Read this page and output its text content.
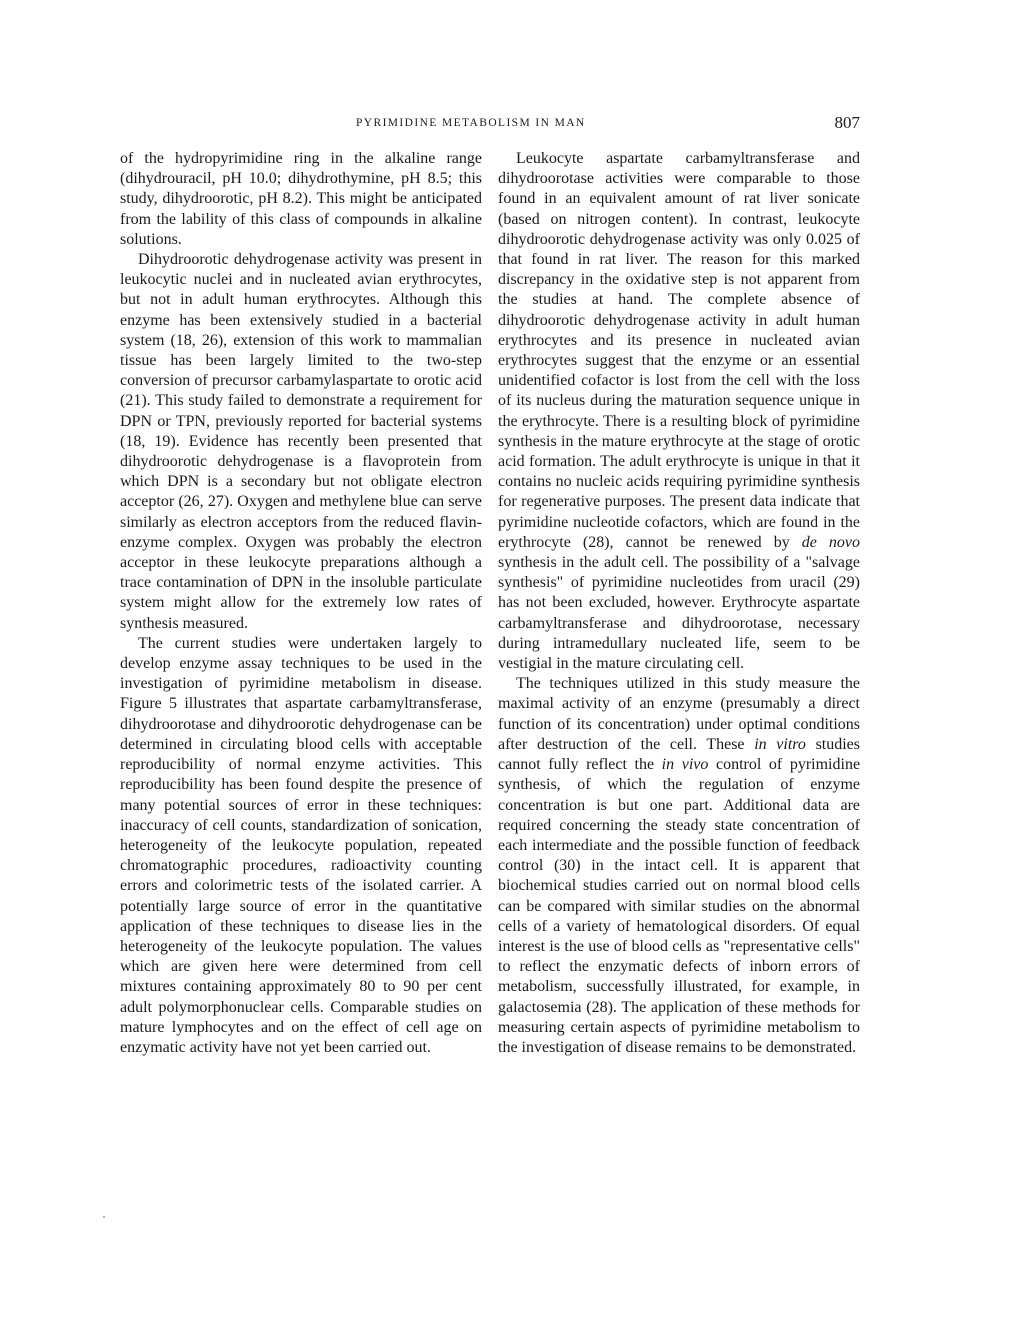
PYRIMIDINE METABOLISM IN MAN	807

of the hydropyrimidine ring in the alkaline range (dihydrouracil, pH 10.0; dihydrothymine, pH 8.5; this study, dihydroorotic, pH 8.2). This might be anticipated from the lability of this class of compounds in alkaline solutions.

Dihydroorotic dehydrogenase activity was present in leukocytic nuclei and in nucleated avian erythrocytes, but not in adult human erythrocytes. Although this enzyme has been extensively studied in a bacterial system (18, 26), extension of this work to mammalian tissue has been largely limited to the two-step conversion of precursor carbamylaspartate to orotic acid (21). This study failed to demonstrate a requirement for DPN or TPN, previously reported for bacterial systems (18, 19). Evidence has recently been presented that dihydroorotic dehydrogenase is a flavoprotein from which DPN is a secondary but not obligate electron acceptor (26, 27). Oxygen and methylene blue can serve similarly as electron acceptors from the reduced flavin-enzyme complex. Oxygen was probably the electron acceptor in these leukocyte preparations although a trace contamination of DPN in the insoluble particulate system might allow for the extremely low rates of synthesis measured.

The current studies were undertaken largely to develop enzyme assay techniques to be used in the investigation of pyrimidine metabolism in disease. Figure 5 illustrates that aspartate carbamyltransferase, dihydroorotase and dihydroorotic dehydrogenase can be determined in circulating blood cells with acceptable reproducibility of normal enzyme activities. This reproducibility has been found despite the presence of many potential sources of error in these techniques: inaccuracy of cell counts, standardization of sonication, heterogeneity of the leukocyte population, repeated chromatographic procedures, radioactivity counting errors and colorimetric tests of the isolated carrier. A potentially large source of error in the quantitative application of these techniques to disease lies in the heterogeneity of the leukocyte population. The values which are given here were determined from cell mixtures containing approximately 80 to 90 per cent adult polymorphonuclear cells. Comparable studies on mature lymphocytes and on the effect of cell age on enzymatic activity have not yet been carried out.

Leukocyte aspartate carbamyltransferase and dihydroorotase activities were comparable to those found in an equivalent amount of rat liver sonicate (based on nitrogen content). In contrast, leukocyte dihydroorotic dehydrogenase activity was only 0.025 of that found in rat liver. The reason for this marked discrepancy in the oxidative step is not apparent from the studies at hand. The complete absence of dihydroorotic dehydrogenase activity in adult human erythrocytes and its presence in nucleated avian erythrocytes suggest that the enzyme or an essential unidentified cofactor is lost from the cell with the loss of its nucleus during the maturation sequence unique in the erythrocyte. There is a resulting block of pyrimidine synthesis in the mature erythrocyte at the stage of orotic acid formation. The adult erythrocyte is unique in that it contains no nucleic acids requiring pyrimidine synthesis for regenerative purposes. The present data indicate that pyrimidine nucleotide cofactors, which are found in the erythrocyte (28), cannot be renewed by de novo synthesis in the adult cell. The possibility of a "salvage synthesis" of pyrimidine nucleotides from uracil (29) has not been excluded, however. Erythrocyte aspartate carbamyltransferase and dihydroorotase, necessary during intramedullary nucleated life, seem to be vestigial in the mature circulating cell.

The techniques utilized in this study measure the maximal activity of an enzyme (presumably a direct function of its concentration) under optimal conditions after destruction of the cell. These in vitro studies cannot fully reflect the in vivo control of pyrimidine synthesis, of which the regulation of enzyme concentration is but one part. Additional data are required concerning the steady state concentration of each intermediate and the possible function of feedback control (30) in the intact cell. It is apparent that biochemical studies carried out on normal blood cells can be compared with similar studies on the abnormal cells of a variety of hematological disorders. Of equal interest is the use of blood cells as "representative cells" to reflect the enzymatic defects of inborn errors of metabolism, successfully illustrated, for example, in galactosemia (28). The application of these methods for measuring certain aspects of pyrimidine metabolism to the investigation of disease remains to be demonstrated.
